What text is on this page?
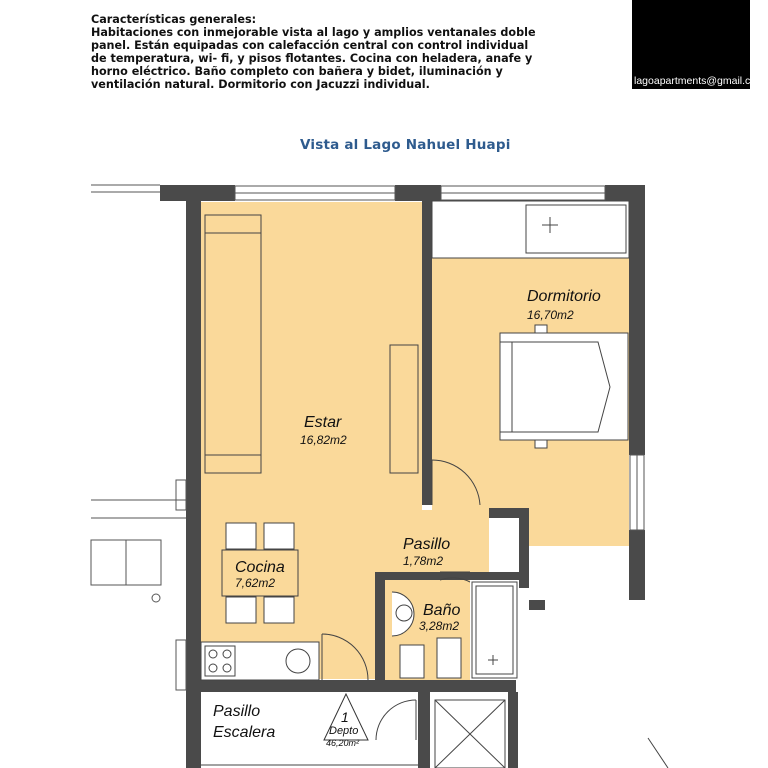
Características generales:
Habitaciones con inmejorable vista al lago y amplios ventanales doble
panel. Están equipadas con calefacción central con control individual
de temperatura, wi- fi, y pisos flotantes. Cocina con heladera, anafe y
horno eléctrico. Baño completo con bañera y bidet, iluminación y
ventilación natural. Dormitorio con Jacuzzi individual.	lagoapartments@gmail.com
Vista al Lago Nahuel Huapi
Estar
16,82m2
Dormitorio
16,70m2
Cocina
7,62m2
Pasillo
1,78m2
Baño
3,28m2
Pasillo
Escalera
1
Depto
46,20m²
